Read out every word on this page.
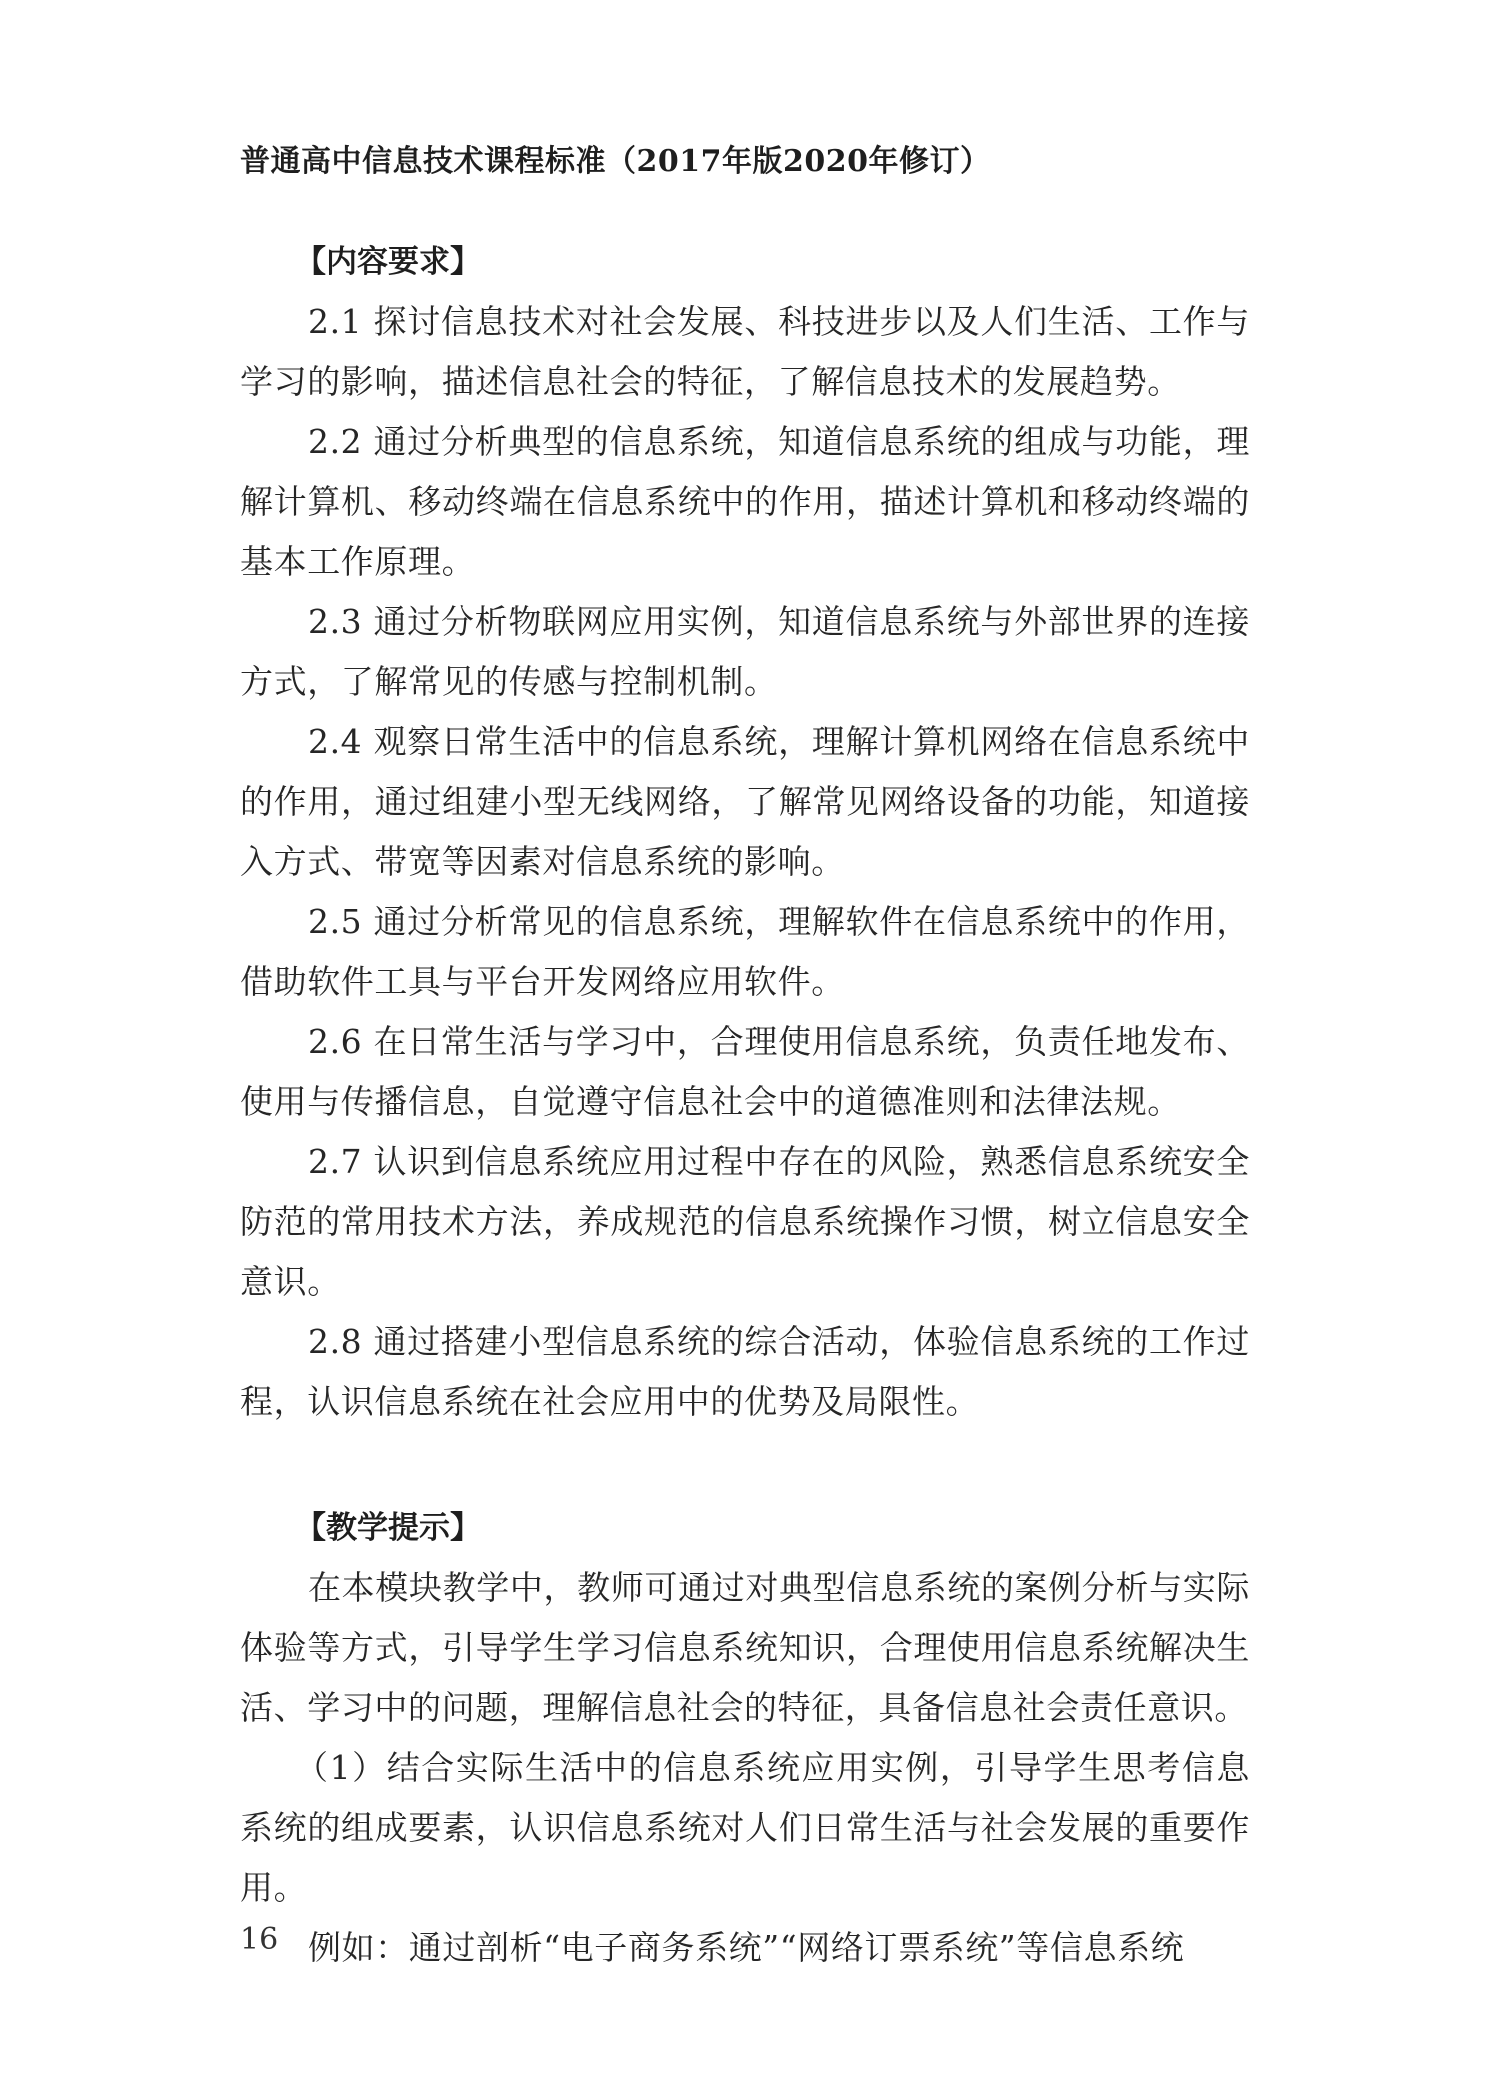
普通高中信息技术课程标准（2017年版2020年修订）
【内容要求】

2.1 探讨信息技术对社会发展、科技进步以及人们生活、工作与学习的影响，描述信息社会的特征，了解信息技术的发展趋势。

2.2 通过分析典型的信息系统，知道信息系统的组成与功能，理解计算机、移动终端在信息系统中的作用，描述计算机和移动终端的基本工作原理。

2.3 通过分析物联网应用实例，知道信息系统与外部世界的连接方式，了解常见的传感与控制机制。

2.4 观察日常生活中的信息系统，理解计算机网络在信息系统中的作用，通过组建小型无线网络，了解常见网络设备的功能，知道接入方式、带宽等因素对信息系统的影响。

2.5 通过分析常见的信息系统，理解软件在信息系统中的作用，借助软件工具与平台开发网络应用软件。

2.6 在日常生活与学习中，合理使用信息系统，负责任地发布、使用与传播信息，自觉遵守信息社会中的道德准则和法律法规。

2.7 认识到信息系统应用过程中存在的风险，熟悉信息系统安全防范的常用技术方法，养成规范的信息系统操作习惯，树立信息安全意识。

2.8 通过搭建小型信息系统的综合活动，体验信息系统的工作过程，认识信息系统在社会应用中的优势及局限性。

【教学提示】

在本模块教学中，教师可通过对典型信息系统的案例分析与实际体验等方式，引导学生学习信息系统知识，合理使用信息系统解决生活、学习中的问题，理解信息社会的特征，具备信息社会责任意识。

（1）结合实际生活中的信息系统应用实例，引导学生思考信息系统的组成要素，认识信息系统对人们日常生活与社会发展的重要作用。

例如：通过剖析“电子商务系统”“网络订票系统”等信息系统

16
